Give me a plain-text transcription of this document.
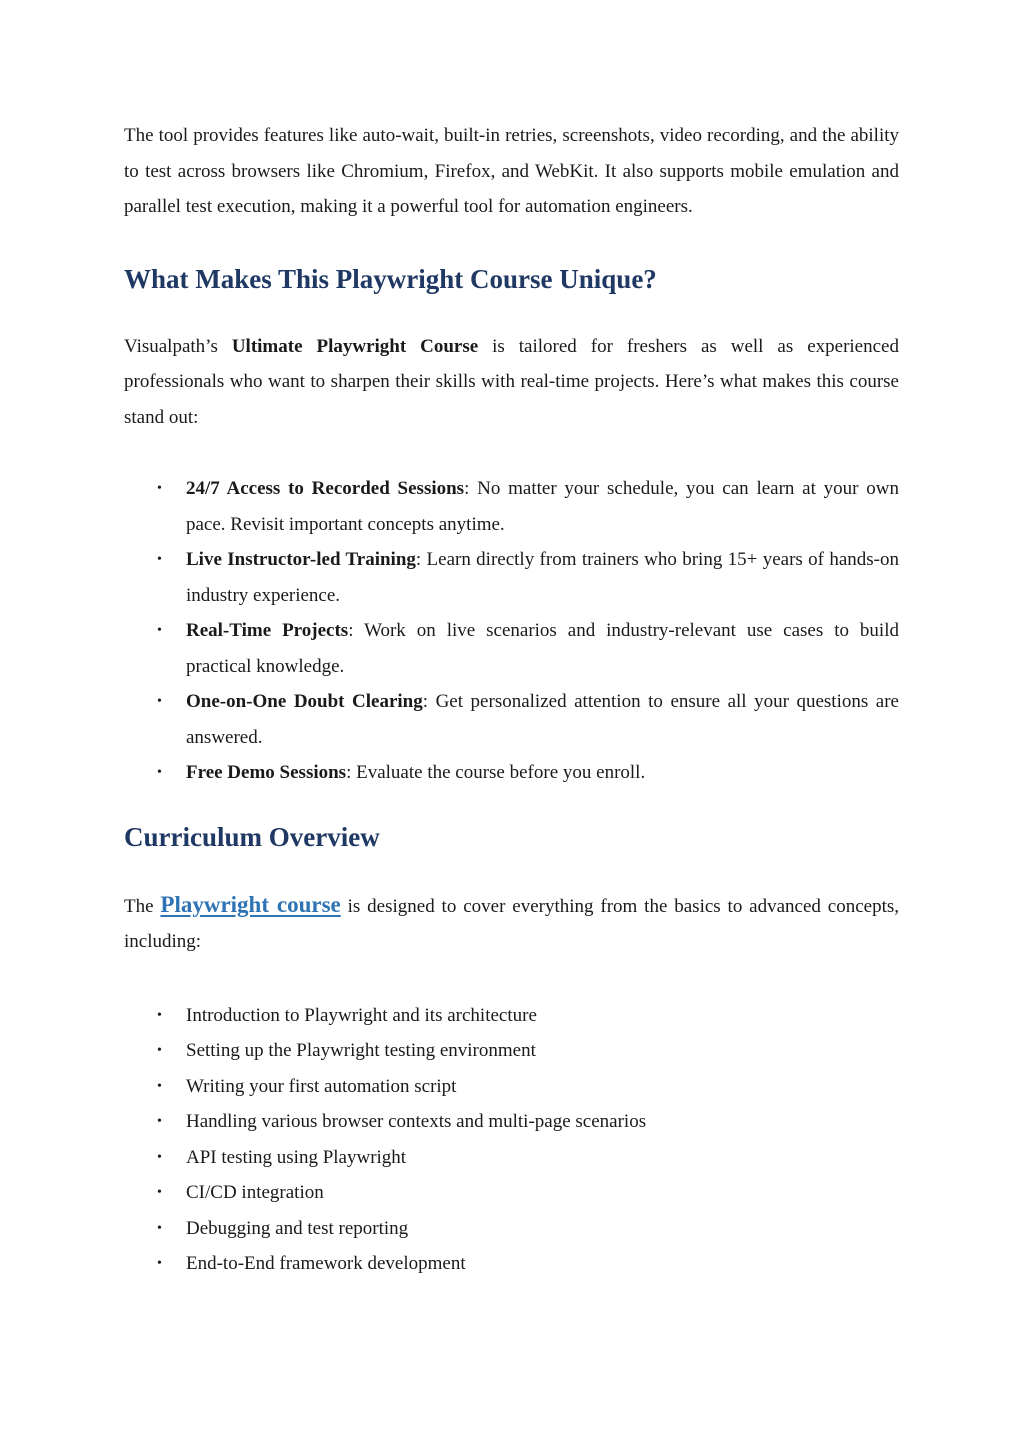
The tool provides features like auto-wait, built-in retries, screenshots, video recording, and the ability to test across browsers like Chromium, Firefox, and WebKit. It also supports mobile emulation and parallel test execution, making it a powerful tool for automation engineers.

What Makes This Playwright Course Unique?

Visualpath’s Ultimate Playwright Course is tailored for freshers as well as experienced professionals who want to sharpen their skills with real-time projects. Here’s what makes this course stand out:

• 24/7 Access to Recorded Sessions: No matter your schedule, you can learn at your own pace. Revisit important concepts anytime.
• Live Instructor-led Training: Learn directly from trainers who bring 15+ years of hands-on industry experience.
• Real-Time Projects: Work on live scenarios and industry-relevant use cases to build practical knowledge.
• One-on-One Doubt Clearing: Get personalized attention to ensure all your questions are answered.
• Free Demo Sessions: Evaluate the course before you enroll.
Curriculum Overview

The Playwright course is designed to cover everything from the basics to advanced concepts, including:

• Introduction to Playwright and its architecture
• Setting up the Playwright testing environment
• Writing your first automation script
• Handling various browser contexts and multi-page scenarios
• API testing using Playwright
• CI/CD integration
• Debugging and test reporting
• End-to-End framework development
